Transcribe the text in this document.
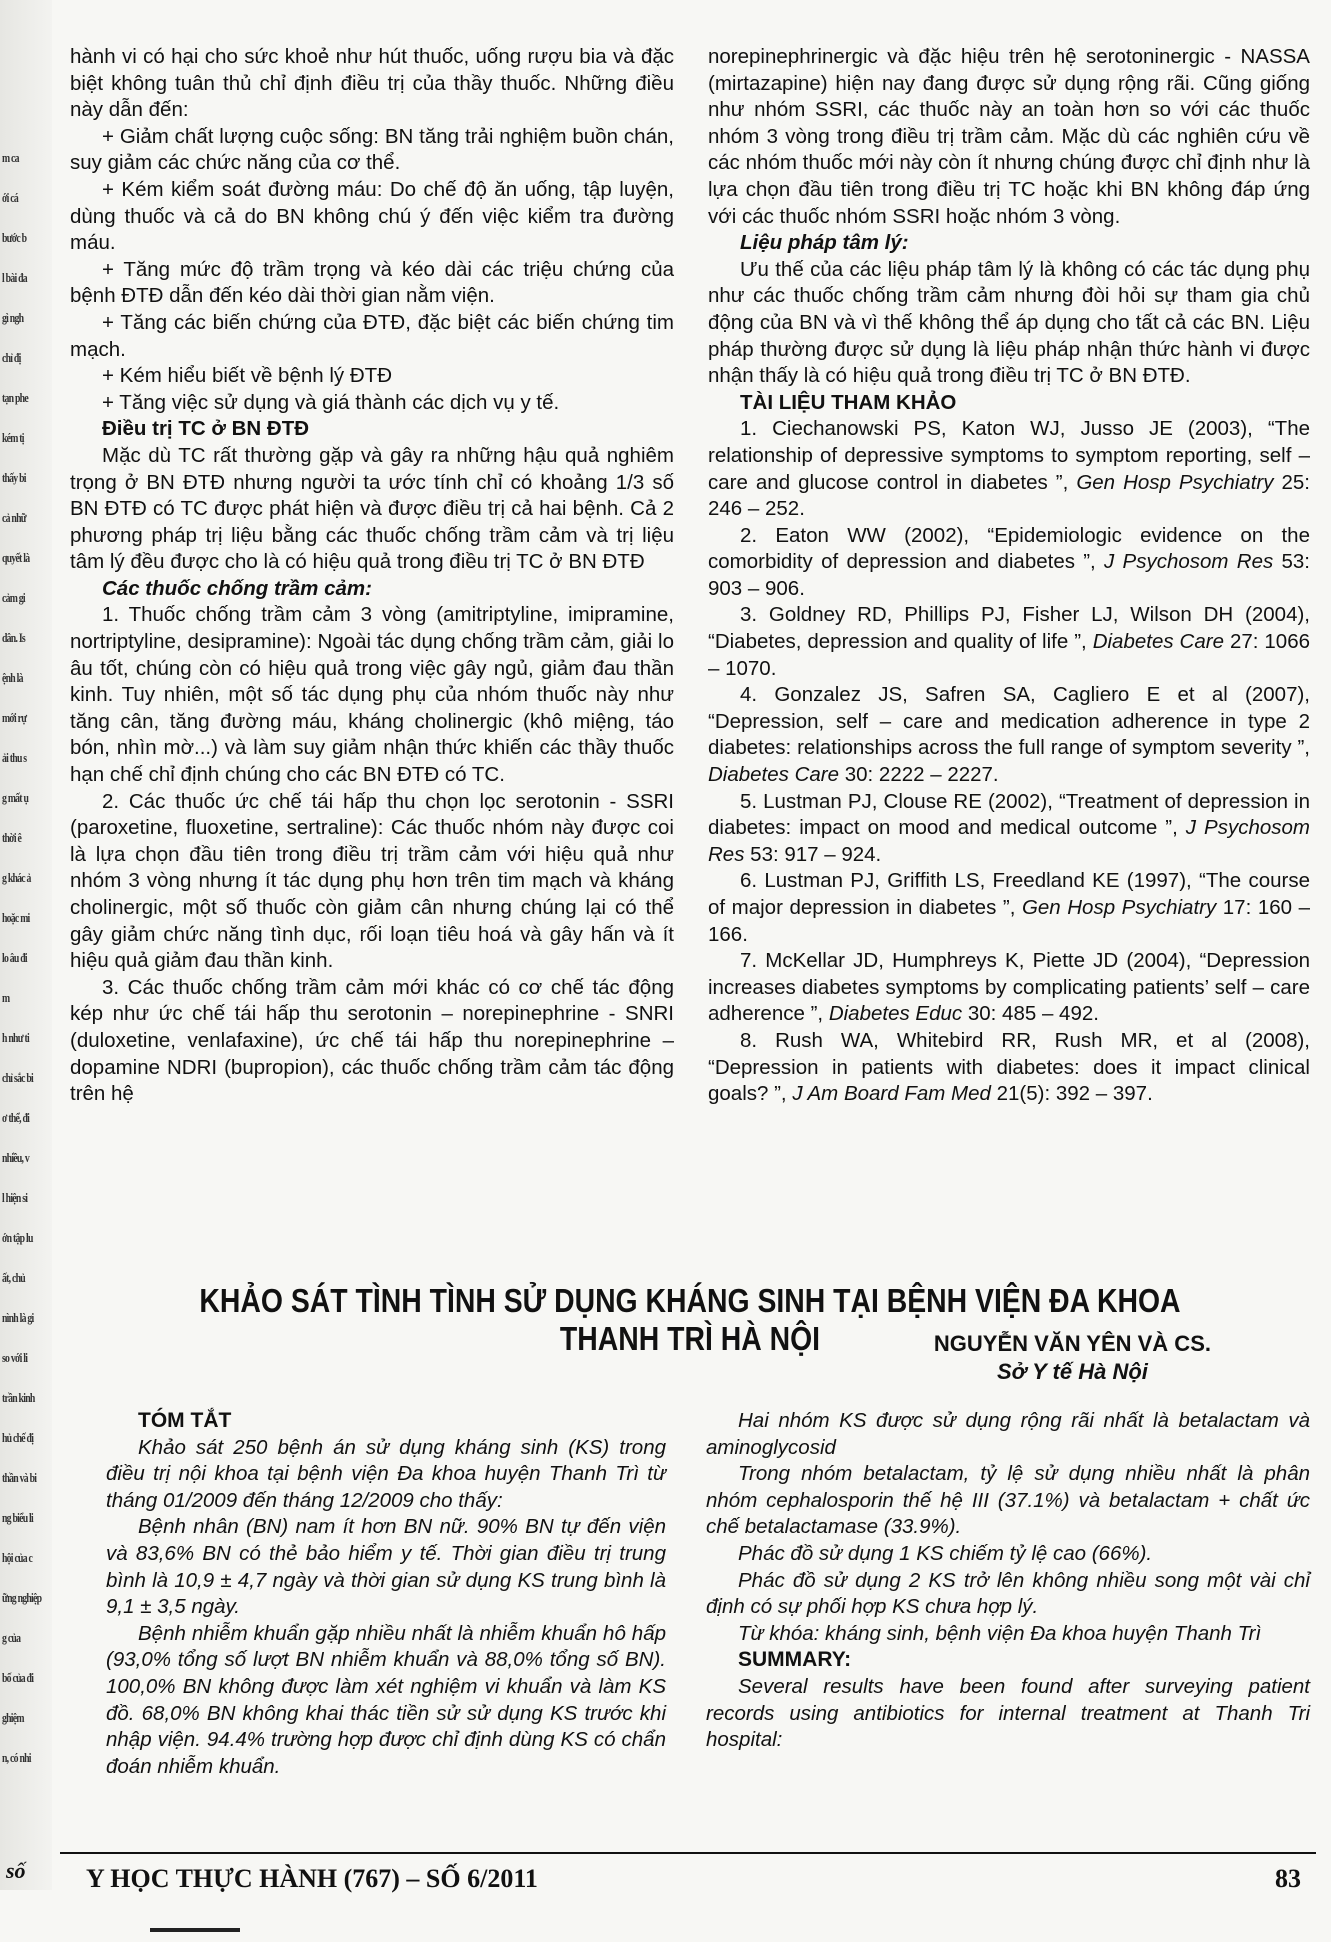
m ca
ới cá
bước b
l bài đa
gì ngh
chỉ đị
tạn phe
kém tị
thấy bi
cả nhữ
quyết là
cảm gi
dân. Is
ệnh là
mới rự
ải thu s
g mất ụ
thời ê
g khác ả
hoặc mi
lo âu đi
m
h như ti
chỉ sắc bi
ơ thể, đi
nhiều, v
l hiện si
ớn tập lu
ất, chủ
nình là gi
so với li
trần kinh
hủ chế đị
thần và bi
ng biểu li
hội của c
ững nghiệp
g của
bố của đi
ghiệm
n, có nhi

hành vi có hại cho sức khoẻ như hút thuốc, uống rượu bia và đặc biệt không tuân thủ chỉ định điều trị của thầy thuốc. Những điều này dẫn đến:

+ Giảm chất lượng cuộc sống: BN tăng trải nghiệm buồn chán, suy giảm các chức năng của cơ thể.

+ Kém kiểm soát đường máu: Do chế độ ăn uống, tập luyện, dùng thuốc và cả do BN không chú ý đến việc kiểm tra đường máu.

+ Tăng mức độ trầm trọng và kéo dài các triệu chứng của bệnh ĐTĐ dẫn đến kéo dài thời gian nằm viện.

+ Tăng các biến chứng của ĐTĐ, đặc biệt các biến chứng tim mạch.

+ Kém hiểu biết về bệnh lý ĐTĐ

+ Tăng việc sử dụng và giá thành các dịch vụ y tế.

Điều trị TC ở BN ĐTĐ

Mặc dù TC rất thường gặp và gây ra những hậu quả nghiêm trọng ở BN ĐTĐ nhưng người ta ước tính chỉ có khoảng 1/3 số BN ĐTĐ có TC được phát hiện và được điều trị cả hai bệnh. Cả 2 phương pháp trị liệu bằng các thuốc chống trầm cảm và trị liệu tâm lý đều được cho là có hiệu quả trong điều trị TC ở BN ĐTĐ

Các thuốc chống trầm cảm:

1. Thuốc chống trầm cảm 3 vòng (amitriptyline, imipramine, nortriptyline, desipramine): Ngoài tác dụng chống trầm cảm, giải lo âu tốt, chúng còn có hiệu quả trong việc gây ngủ, giảm đau thần kinh. Tuy nhiên, một số tác dụng phụ của nhóm thuốc này như tăng cân, tăng đường máu, kháng cholinergic (khô miệng, táo bón, nhìn mờ...) và làm suy giảm nhận thức khiến các thầy thuốc hạn chế chỉ định chúng cho các BN ĐTĐ có TC.

2. Các thuốc ức chế tái hấp thu chọn lọc serotonin - SSRI (paroxetine, fluoxetine, sertraline): Các thuốc nhóm này được coi là lựa chọn đầu tiên trong điều trị trầm cảm với hiệu quả như nhóm 3 vòng nhưng ít tác dụng phụ hơn trên tim mạch và kháng cholinergic, một số thuốc còn giảm cân nhưng chúng lại có thể gây giảm chức năng tình dục, rối loạn tiêu hoá và gây hấn và ít hiệu quả giảm đau thần kinh.

3. Các thuốc chống trầm cảm mới khác có cơ chế tác động kép như ức chế tái hấp thu serotonin – norepinephrine - SNRI (duloxetine, venlafaxine), ức chế tái hấp thu norepinephrine – dopamine NDRI (bupropion), các thuốc chống trầm cảm tác động trên hệ

norepinephrinergic và đặc hiệu trên hệ serotoninergic - NASSA (mirtazapine) hiện nay đang được sử dụng rộng rãi. Cũng giống như nhóm SSRI, các thuốc này an toàn hơn so với các thuốc nhóm 3 vòng trong điều trị trầm cảm. Mặc dù các nghiên cứu về các nhóm thuốc mới này còn ít nhưng chúng được chỉ định như là lựa chọn đầu tiên trong điều trị TC hoặc khi BN không đáp ứng với các thuốc nhóm SSRI hoặc nhóm 3 vòng.

Liệu pháp tâm lý:

Ưu thế của các liệu pháp tâm lý là không có các tác dụng phụ như các thuốc chống trầm cảm nhưng đòi hỏi sự tham gia chủ động của BN và vì thế không thể áp dụng cho tất cả các BN. Liệu pháp thường được sử dụng là liệu pháp nhận thức hành vi được nhận thấy là có hiệu quả trong điều trị TC ở BN ĐTĐ.

TÀI LIỆU THAM KHẢO

1. Ciechanowski PS, Katon WJ, Jusso JE (2003), “The relationship of depressive symptoms to symptom reporting, self – care and glucose control in diabetes ”, Gen Hosp Psychiatry 25: 246 – 252.

2. Eaton WW (2002), “Epidemiologic evidence on the comorbidity of depression and diabetes ”, J Psychosom Res 53: 903 – 906.

3. Goldney RD, Phillips PJ, Fisher LJ, Wilson DH (2004), “Diabetes, depression and quality of life ”, Diabetes Care 27: 1066 – 1070.

4. Gonzalez JS, Safren SA, Cagliero E et al (2007), “Depression, self – care and medication adherence in type 2 diabetes: relationships across the full range of symptom severity ”, Diabetes Care 30: 2222 – 2227.

5. Lustman PJ, Clouse RE (2002), “Treatment of depression in diabetes: impact on mood and medical outcome ”, J Psychosom Res 53: 917 – 924.

6. Lustman PJ, Griffith LS, Freedland KE (1997), “The course of major depression in diabetes ”, Gen Hosp Psychiatry 17: 160 – 166.

7. McKellar JD, Humphreys K, Piette JD (2004), “Depression increases diabetes symptoms by complicating patients’ self – care adherence ”, Diabetes Educ 30: 485 – 492.

8. Rush WA, Whitebird RR, Rush MR, et al (2008), “Depression in patients with diabetes: does it impact clinical goals? ”, J Am Board Fam Med 21(5): 392 – 397.

KHẢO SÁT TÌNH TÌNH SỬ DỤNG KHÁNG SINH TẠI BỆNH VIỆN ĐA KHOA THANH TRÌ HÀ NỘI	NGUYỄN VĂN YÊN VÀ CS.
Sở Y tế Hà Nội

TÓM TẮT

Khảo sát 250 bệnh án sử dụng kháng sinh (KS) trong điều trị nội khoa tại bệnh viện Đa khoa huyện Thanh Trì từ tháng 01/2009 đến tháng 12/2009 cho thấy:

Bệnh nhân (BN) nam ít hơn BN nữ. 90% BN tự đến viện và 83,6% BN có thẻ bảo hiểm y tế. Thời gian điều trị trung bình là 10,9 ± 4,7 ngày và thời gian sử dụng KS trung bình là 9,1 ± 3,5 ngày.

Bệnh nhiễm khuẩn gặp nhiều nhất là nhiễm khuẩn hô hấp (93,0% tổng số lượt BN nhiễm khuẩn và 88,0% tổng số BN). 100,0% BN không được làm xét nghiệm vi khuẩn và làm KS đồ. 68,0% BN không khai thác tiền sử sử dụng KS trước khi nhập viện. 94.4% trường hợp được chỉ định dùng KS có chẩn đoán nhiễm khuẩn.

Hai nhóm KS được sử dụng rộng rãi nhất là betalactam và aminoglycosid

Trong nhóm betalactam, tỷ lệ sử dụng nhiều nhất là phân nhóm cephalosporin thế hệ III (37.1%) và betalactam + chất ức chế betalactamase (33.9%).

Phác đồ sử dụng 1 KS chiếm tỷ lệ cao (66%).

Phác đồ sử dụng 2 KS trở lên không nhiều song một vài chỉ định có sự phối hợp KS chưa hợp lý.

Từ khóa: kháng sinh, bệnh viện Đa khoa huyện Thanh Trì

SUMMARY:

Several results have been found after surveying patient records using antibiotics for internal treatment at Thanh Tri hospital:

số Y HỌC THỰC HÀNH (767) – SỐ 6/2011	83
